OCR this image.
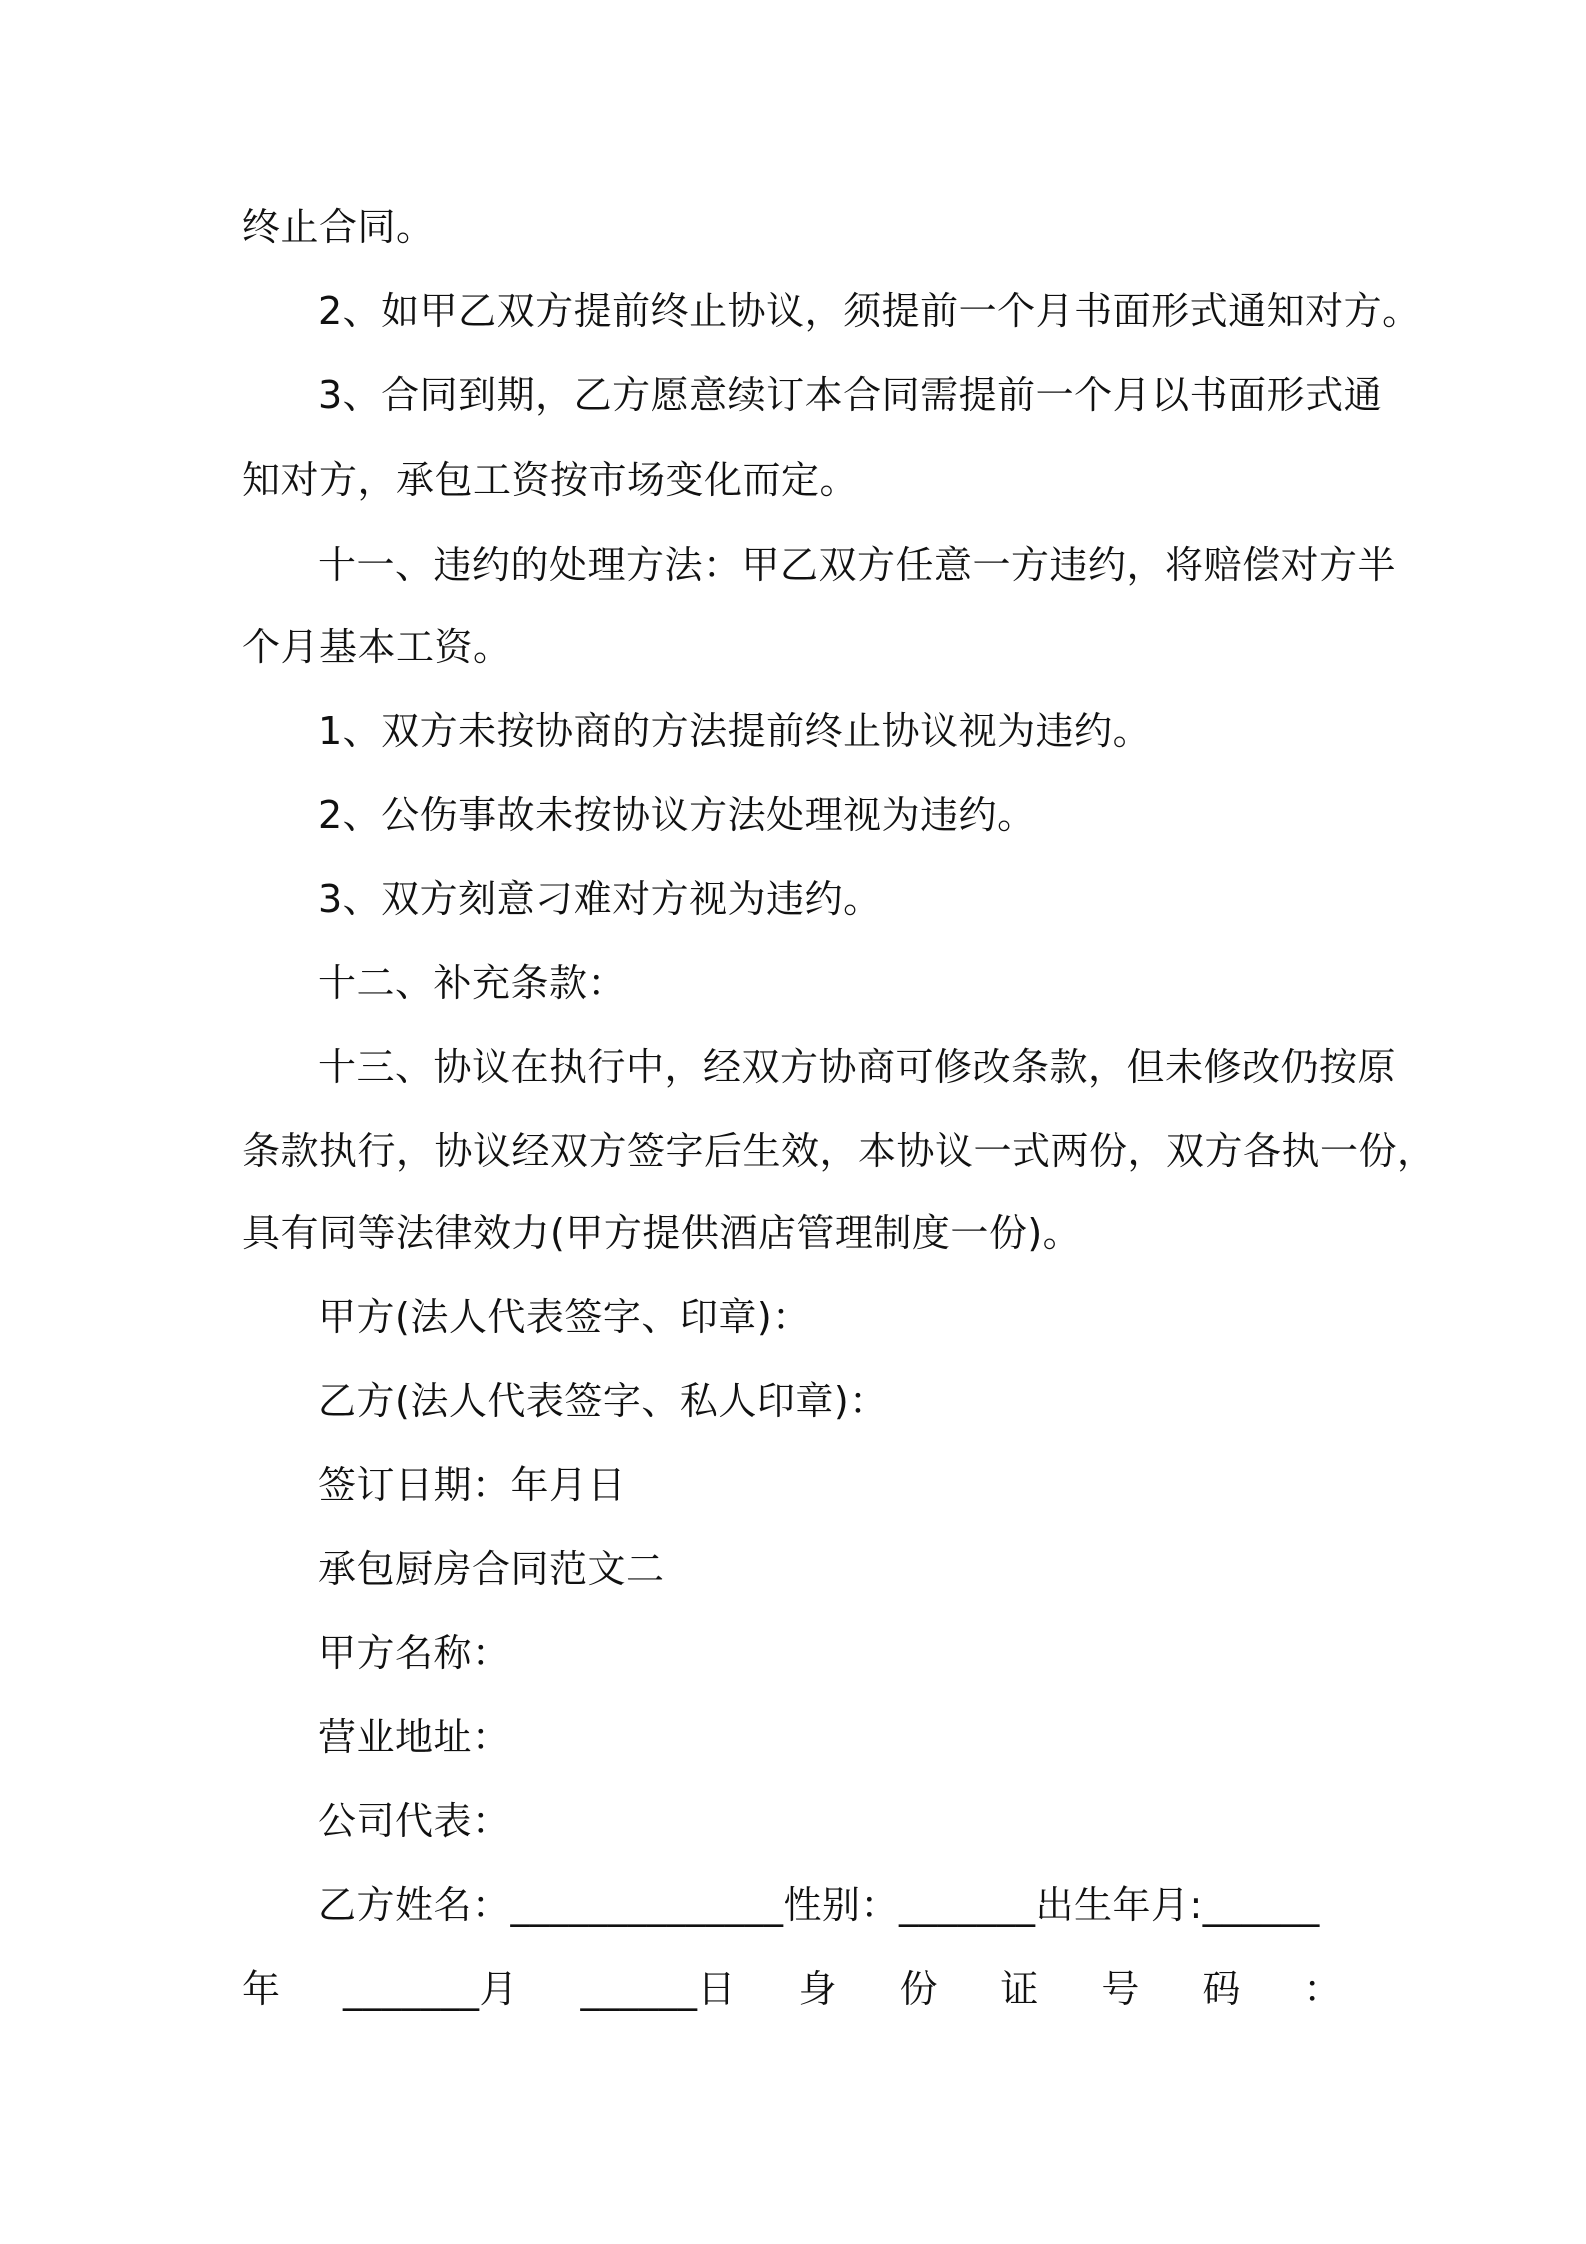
终止合同。
2、如甲乙双方提前终止协议，须提前一个月书面形式通知对方。
3、合同到期，乙方愿意续订本合同需提前一个月以书面形式通
知对方，承包工资按市场变化而定。
十一、违约的处理方法：甲乙双方任意一方违约，将赔偿对方半
个月基本工资。
1、双方未按协商的方法提前终止协议视为违约。
2、公伤事故未按协议方法处理视为违约。
3、双方刻意刁难对方视为违约。
十二、补充条款：
十三、协议在执行中，经双方协商可修改条款，但未修改仍按原
条款执行，协议经双方签字后生效，本协议一式两份，双方各执一份，
具有同等法律效力(甲方提供酒店管理制度一份)。
甲方(法人代表签字、印章)：
乙方(法人代表签字、私人印章)：
签订日期：年月日
承包厨房合同范文二
甲方名称：
营业地址：
公司代表：
乙方姓名：______________性别：_______出生年月:______
年 _______月 ______日 身 份 证 号 码 ：
